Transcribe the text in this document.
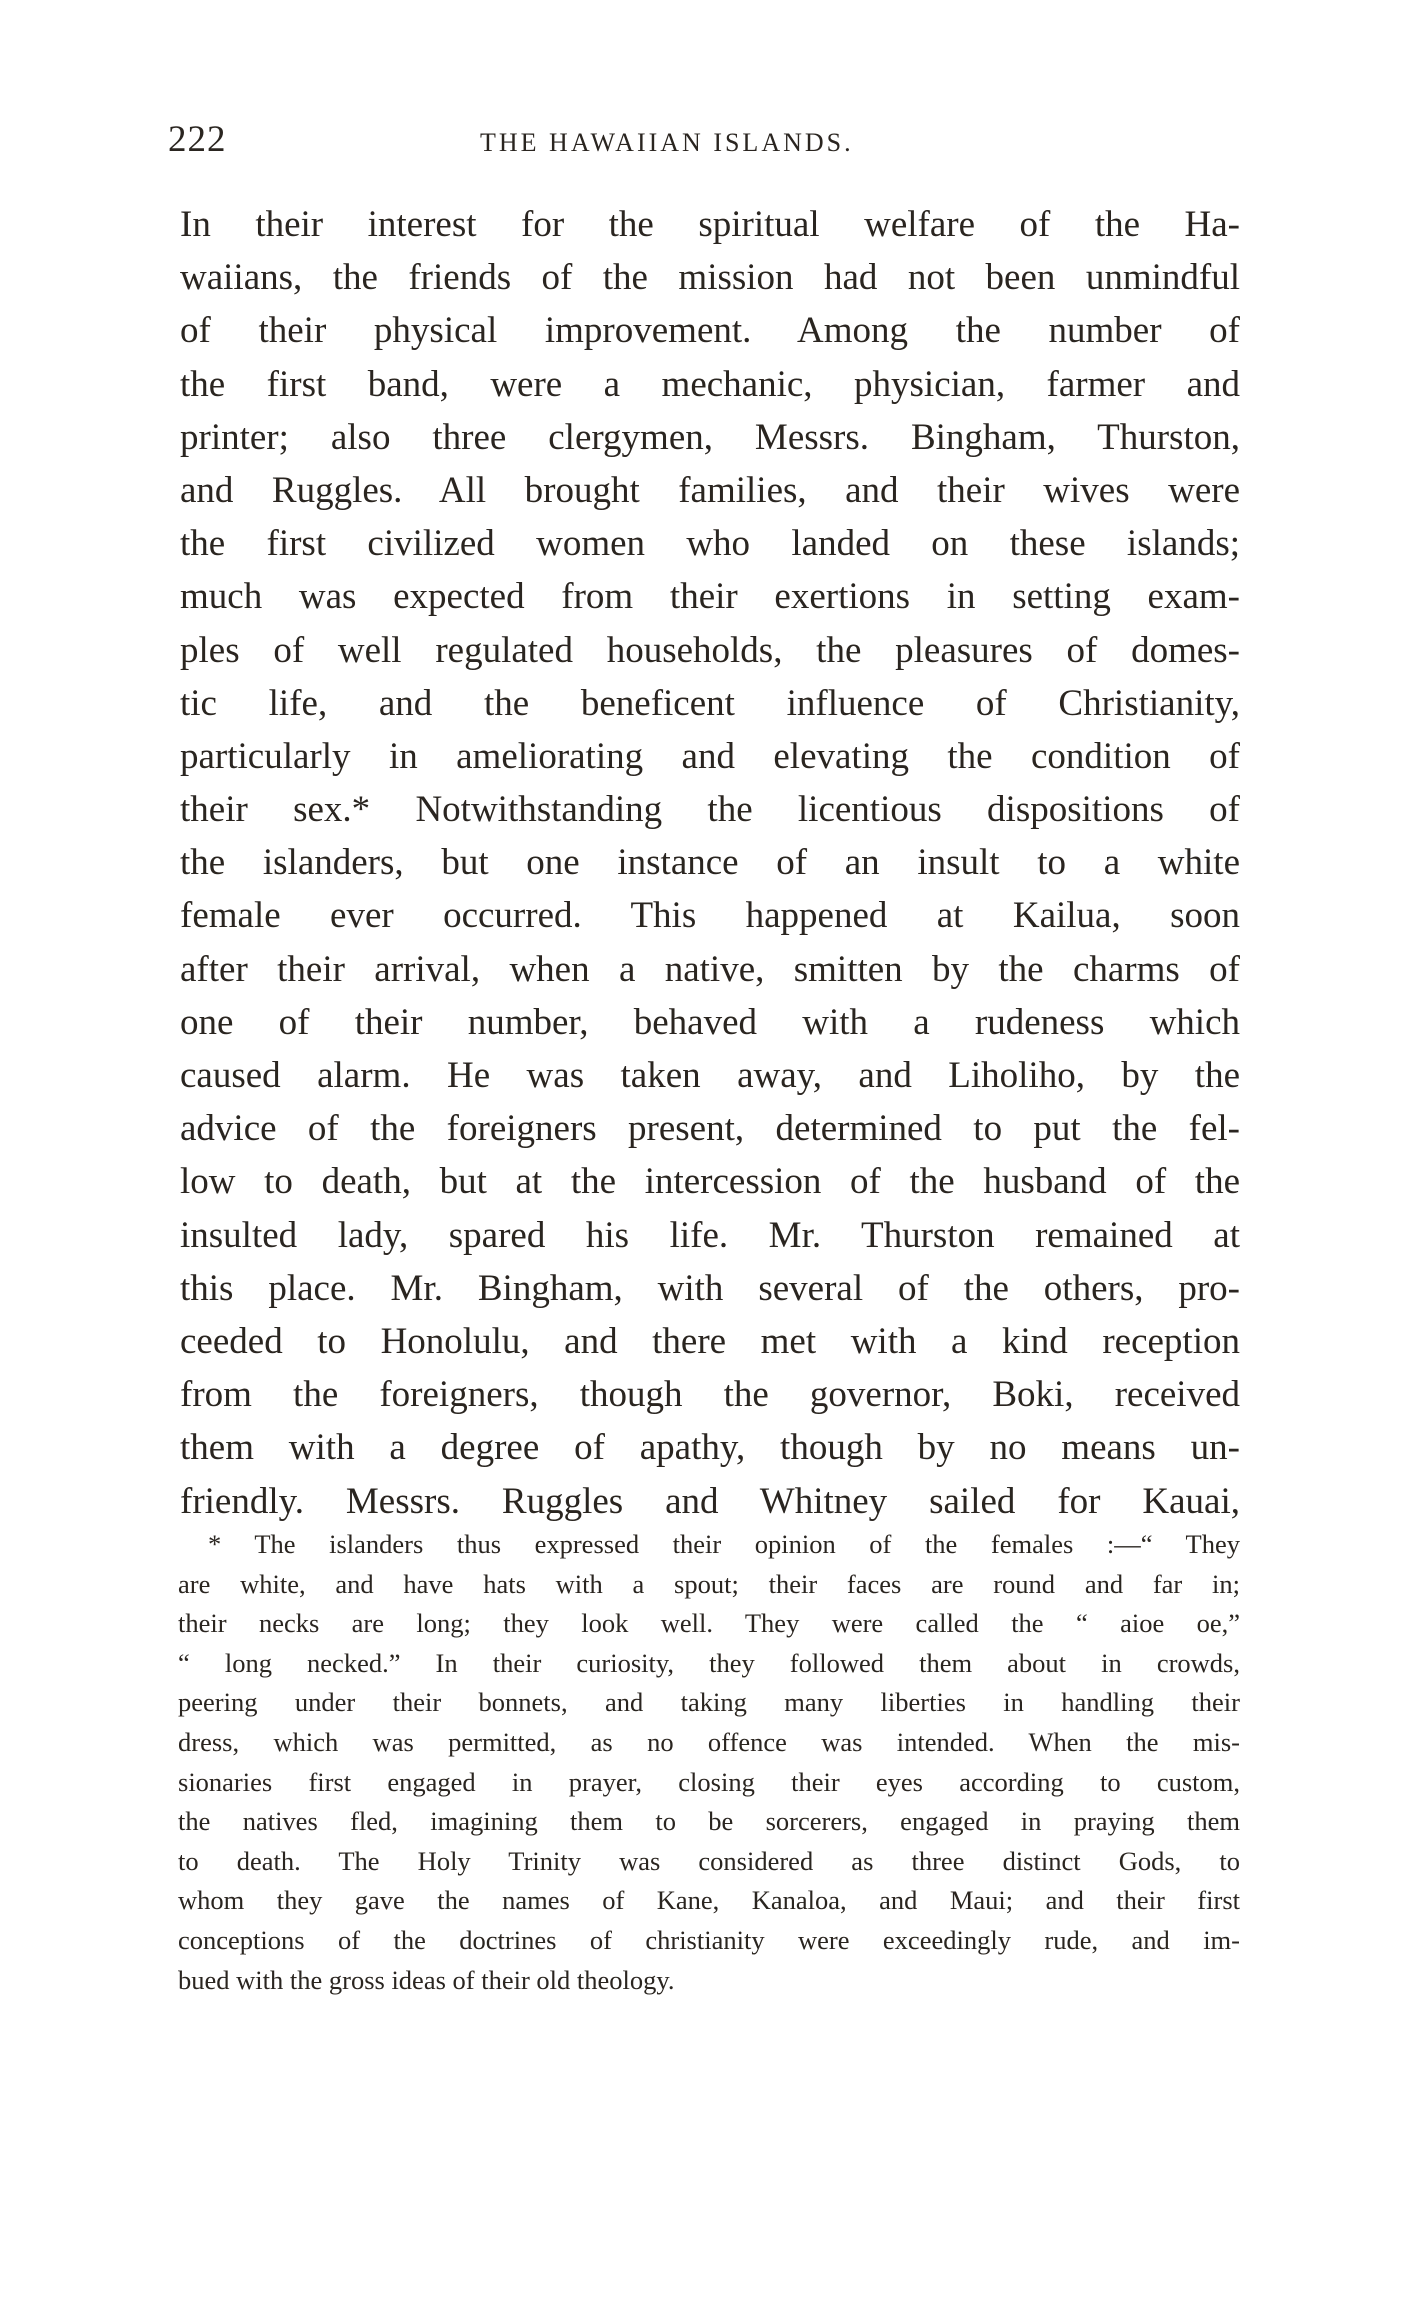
222	THE HAWAIIAN ISLANDS.
In their interest for the spiritual welfare of the Ha-
waiians, the friends of the mission had not been unmindful
of their physical improvement. Among the number of
the first band, were a mechanic, physician, farmer and
printer; also three clergymen, Messrs. Bingham, Thurston,
and Ruggles. All brought families, and their wives were
the first civilized women who landed on these islands;
much was expected from their exertions in setting exam-
ples of well regulated households, the pleasures of domes-
tic life, and the beneficent influence of Christianity,
particularly in ameliorating and elevating the condition of
their sex.* Notwithstanding the licentious dispositions of
the islanders, but one instance of an insult to a white
female ever occurred. This happened at Kailua, soon
after their arrival, when a native, smitten by the charms of
one of their number, behaved with a rudeness which
caused alarm. He was taken away, and Liholiho, by the
advice of the foreigners present, determined to put the fel-
low to death, but at the intercession of the husband of the
insulted lady, spared his life. Mr. Thurston remained at
this place. Mr. Bingham, with several of the others, pro-
ceeded to Honolulu, and there met with a kind reception
from the foreigners, though the governor, Boki, received
them with a degree of apathy, though by no means un-
friendly. Messrs. Ruggles and Whitney sailed for Kauai,
* The islanders thus expressed their opinion of the females :—“ They
are white, and have hats with a spout; their faces are round and far in;
their necks are long; they look well. They were called the “ aioe oe,”
“ long necked.” In their curiosity, they followed them about in crowds,
peering under their bonnets, and taking many liberties in handling their
dress, which was permitted, as no offence was intended. When the mis-
sionaries first engaged in prayer, closing their eyes according to custom,
the natives fled, imagining them to be sorcerers, engaged in praying them
to death. The Holy Trinity was considered as three distinct Gods, to
whom they gave the names of Kane, Kanaloa, and Maui; and their first
conceptions of the doctrines of christianity were exceedingly rude, and im-
bued with the gross ideas of their old theology.
